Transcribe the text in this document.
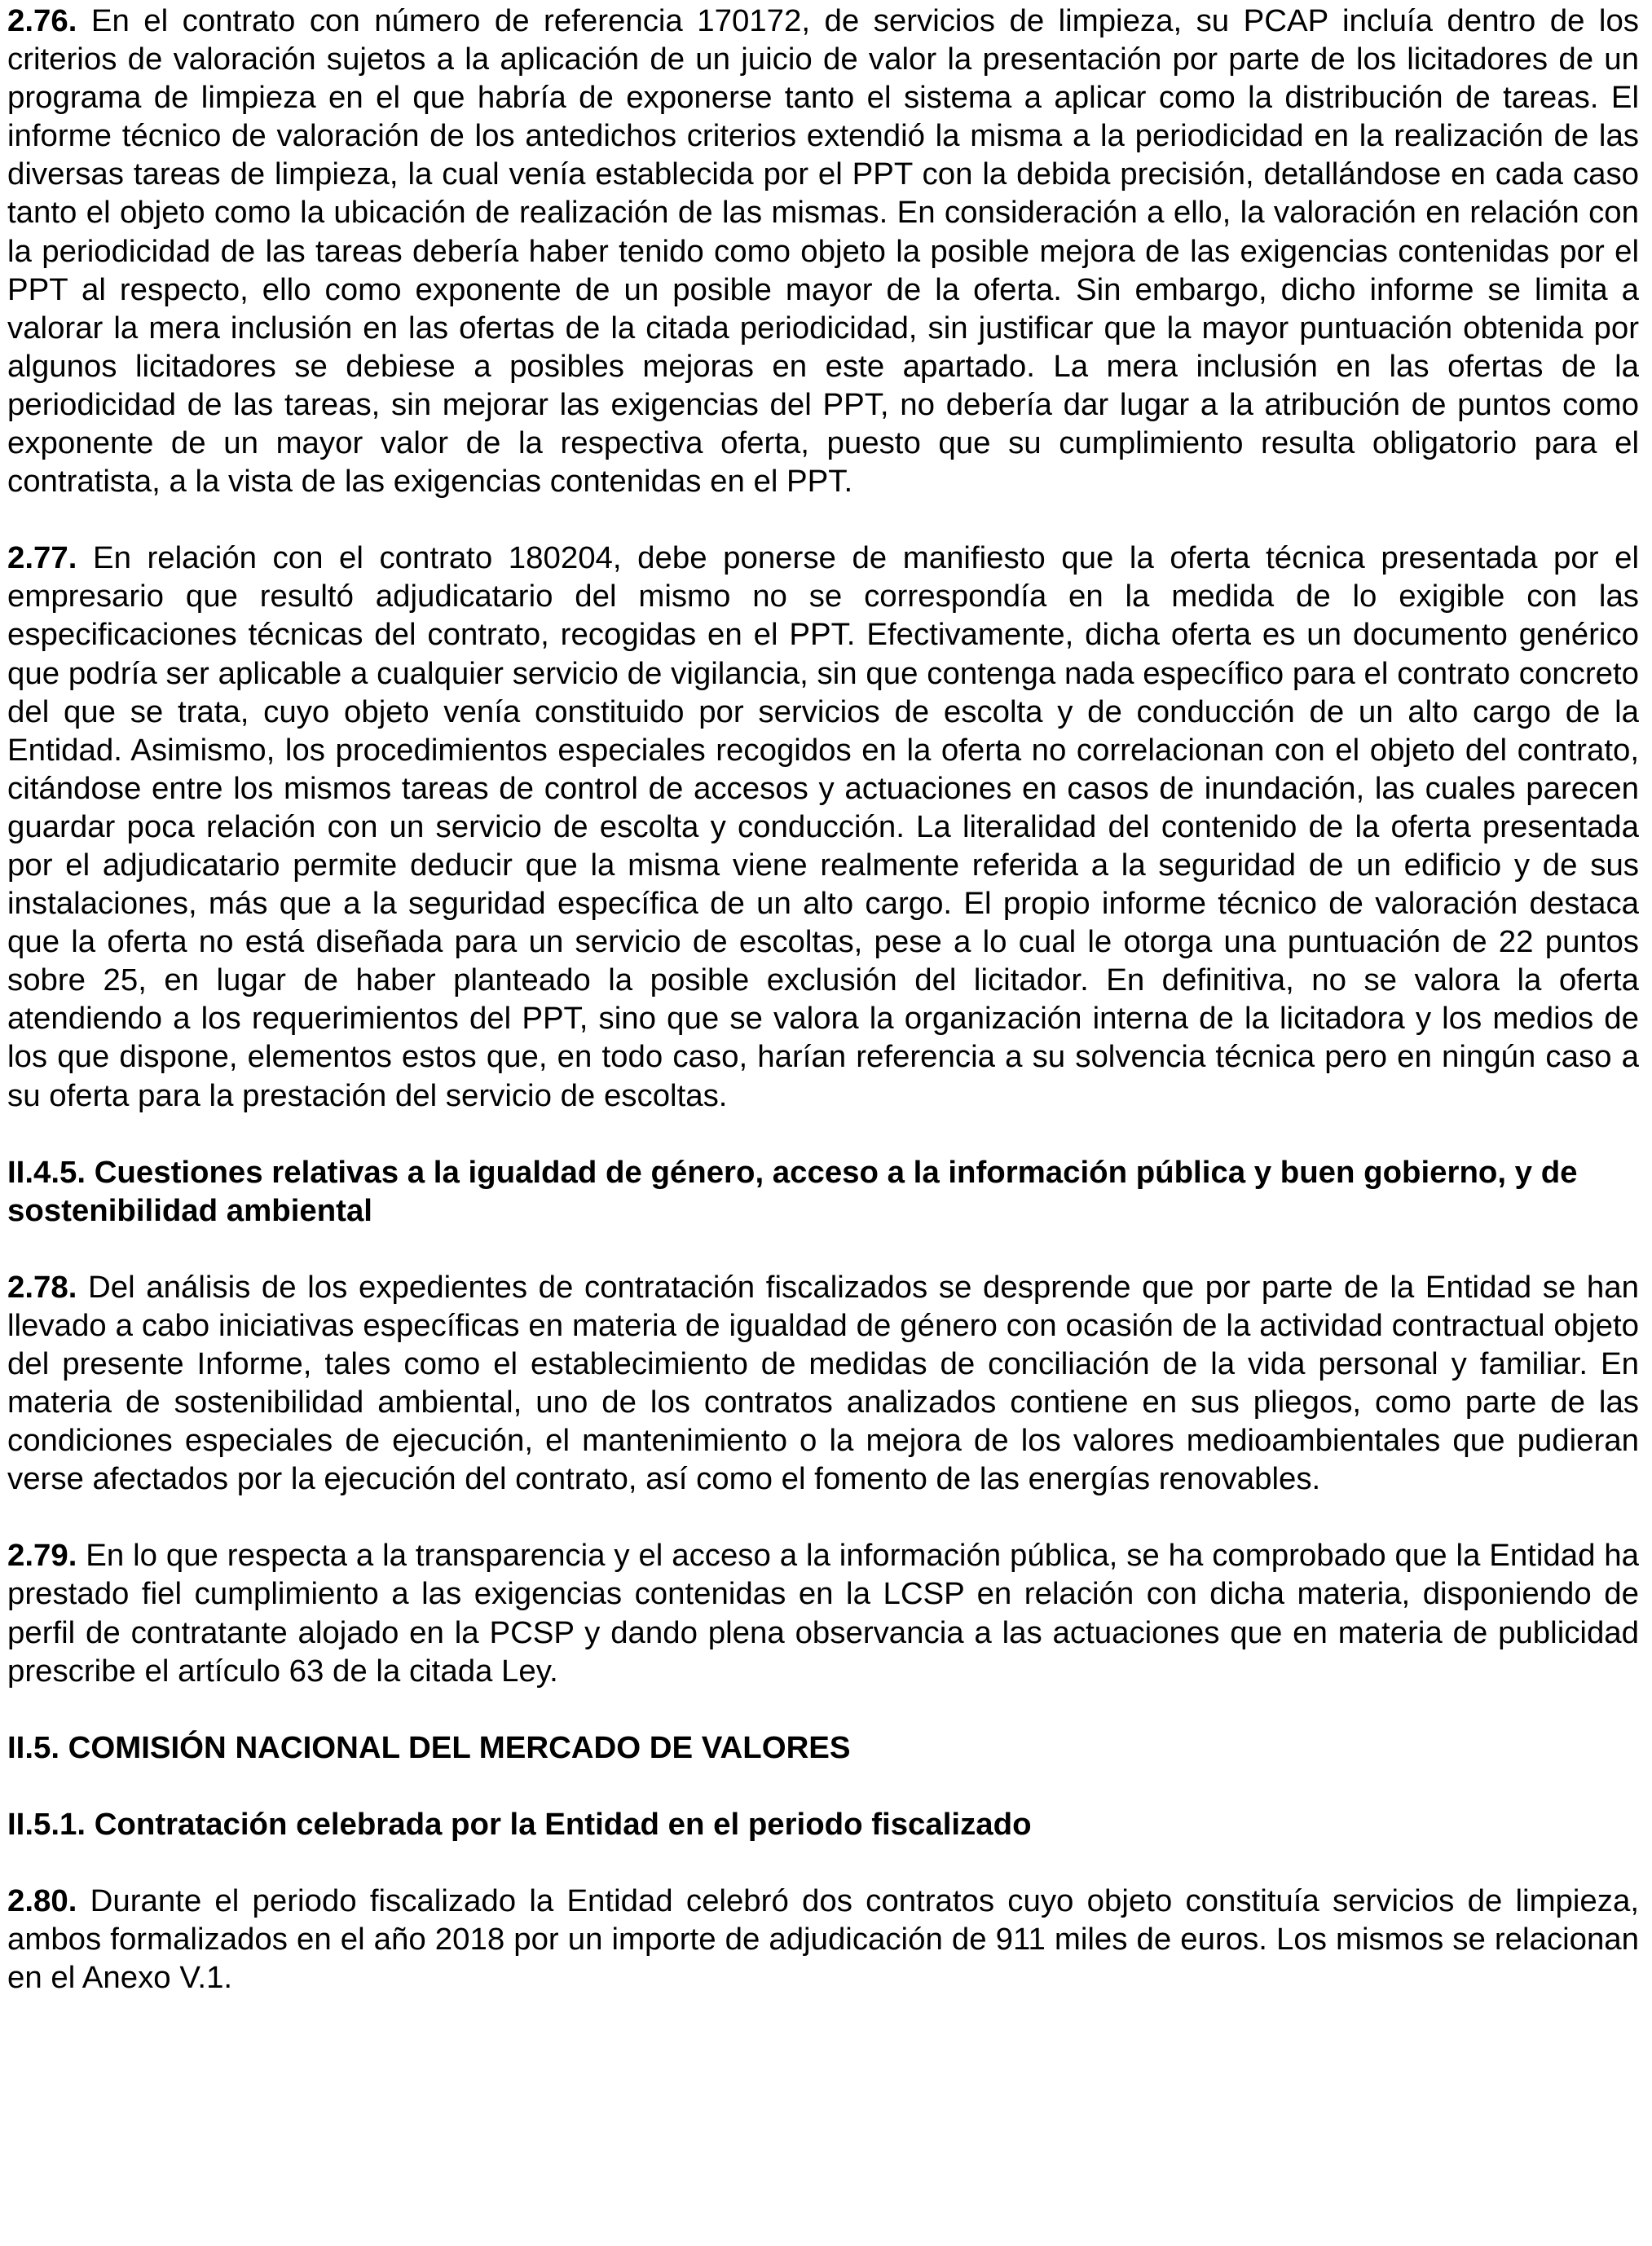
2.76. En el contrato con número de referencia 170172, de servicios de limpieza, su PCAP incluía dentro de los criterios de valoración sujetos a la aplicación de un juicio de valor la presentación por parte de los licitadores de un programa de limpieza en el que habría de exponerse tanto el sistema a aplicar como la distribución de tareas. El informe técnico de valoración de los antedichos criterios extendió la misma a la periodicidad en la realización de las diversas tareas de limpieza, la cual venía establecida por el PPT con la debida precisión, detallándose en cada caso tanto el objeto como la ubicación de realización de las mismas. En consideración a ello, la valoración en relación con la periodicidad de las tareas debería haber tenido como objeto la posible mejora de las exigencias contenidas por el PPT al respecto, ello como exponente de un posible mayor de la oferta. Sin embargo, dicho informe se limita a valorar la mera inclusión en las ofertas de la citada periodicidad, sin justificar que la mayor puntuación obtenida por algunos licitadores se debiese a posibles mejoras en este apartado. La mera inclusión en las ofertas de la periodicidad de las tareas, sin mejorar las exigencias del PPT, no debería dar lugar a la atribución de puntos como exponente de un mayor valor de la respectiva oferta, puesto que su cumplimiento resulta obligatorio para el contratista, a la vista de las exigencias contenidas en el PPT.

2.77. En relación con el contrato 180204, debe ponerse de manifiesto que la oferta técnica presentada por el empresario que resultó adjudicatario del mismo no se correspondía en la medida de lo exigible con las especificaciones técnicas del contrato, recogidas en el PPT. Efectivamente, dicha oferta es un documento genérico que podría ser aplicable a cualquier servicio de vigilancia, sin que contenga nada específico para el contrato concreto del que se trata, cuyo objeto venía constituido por servicios de escolta y de conducción de un alto cargo de la Entidad. Asimismo, los procedimientos especiales recogidos en la oferta no correlacionan con el objeto del contrato, citándose entre los mismos tareas de control de accesos y actuaciones en casos de inundación, las cuales parecen guardar poca relación con un servicio de escolta y conducción. La literalidad del contenido de la oferta presentada por el adjudicatario permite deducir que la misma viene realmente referida a la seguridad de un edificio y de sus instalaciones, más que a la seguridad específica de un alto cargo. El propio informe técnico de valoración destaca que la oferta no está diseñada para un servicio de escoltas, pese a lo cual le otorga una puntuación de 22 puntos sobre 25, en lugar de haber planteado la posible exclusión del licitador. En definitiva, no se valora la oferta atendiendo a los requerimientos del PPT, sino que se valora la organización interna de la licitadora y los medios de los que dispone, elementos estos que, en todo caso, harían referencia a su solvencia técnica pero en ningún caso a su oferta para la prestación del servicio de escoltas.

II.4.5. Cuestiones relativas a la igualdad de género, acceso a la información pública y buen gobierno, y de sostenibilidad ambiental

2.78. Del análisis de los expedientes de contratación fiscalizados se desprende que por parte de la Entidad se han llevado a cabo iniciativas específicas en materia de igualdad de género con ocasión de la actividad contractual objeto del presente Informe, tales como el establecimiento de medidas de conciliación de la vida personal y familiar. En materia de sostenibilidad ambiental, uno de los contratos analizados contiene en sus pliegos, como parte de las condiciones especiales de ejecución, el mantenimiento o la mejora de los valores medioambientales que pudieran verse afectados por la ejecución del contrato, así como el fomento de las energías renovables.

2.79. En lo que respecta a la transparencia y el acceso a la información pública, se ha comprobado que la Entidad ha prestado fiel cumplimiento a las exigencias contenidas en la LCSP en relación con dicha materia, disponiendo de perfil de contratante alojado en la PCSP y dando plena observancia a las actuaciones que en materia de publicidad prescribe el artículo 63 de la citada Ley.

II.5. COMISIÓN NACIONAL DEL MERCADO DE VALORES

II.5.1. Contratación celebrada por la Entidad en el periodo fiscalizado

2.80. Durante el periodo fiscalizado la Entidad celebró dos contratos cuyo objeto constituía servicios de limpieza, ambos formalizados en el año 2018 por un importe de adjudicación de 911 miles de euros. Los mismos se relacionan en el Anexo V.1.
